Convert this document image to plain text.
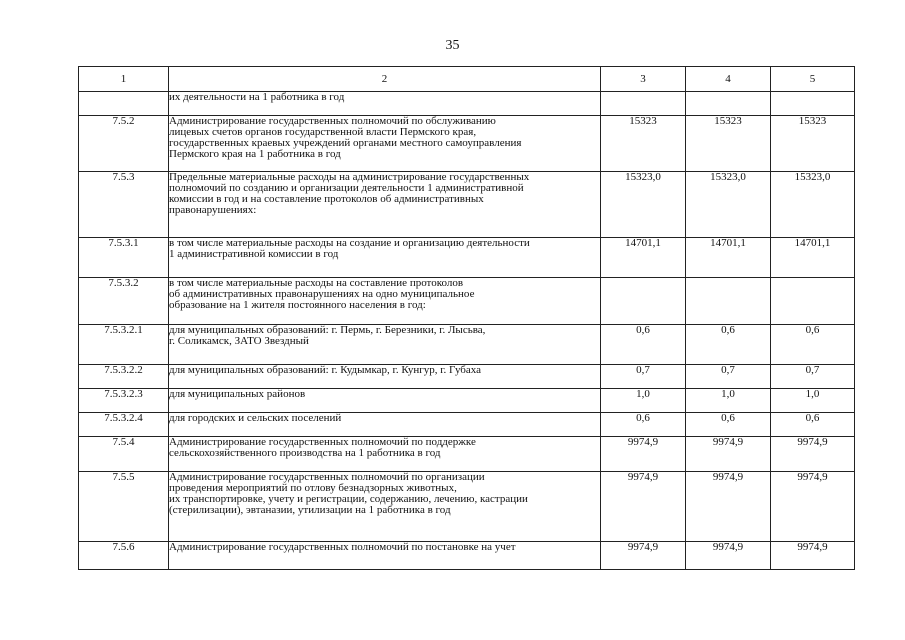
35
1	2	3	4	5

	их деятельности на 1 работника в год			

7.5.2	Администрирование государственных полномочий по обслуживанию
лицевых счетов органов государственной власти Пермского края,
государственных краевых учреждений органами местного самоуправления
Пермского края на 1 работника в год	15323	15323	15323
7.5.3	Предельные материальные расходы на администрирование государственных
полномочий по созданию и организации деятельности 1 административной
комиссии в год и на составление протоколов об административных
правонарушениях:	15323,0	15323,0	15323,0
7.5.3.1	в том числе материальные расходы на создание и организацию деятельности
1 административной комиссии в год	14701,1	14701,1	14701,1
7.5.3.2	в том числе материальные расходы на составление протоколов
об административных правонарушениях на одно муниципальное
образование на 1 жителя постоянного населения в год:			

7.5.3.2.1	для муниципальных образований: г. Пермь, г. Березники, г. Лысьва,
г. Соликамск, ЗАТО Звездный	0,6	0,6	0,6
7.5.3.2.2	для муниципальных образований: г. Кудымкар, г. Кунгур, г. Губаха	0,7	0,7	0,7
7.5.3.2.3	для муниципальных районов	1,0	1,0	1,0
7.5.3.2.4	для городских и сельских поселений	0,6	0,6	0,6
7.5.4	Администрирование государственных полномочий по поддержке
сельскохозяйственного производства на 1 работника в год	9974,9	9974,9	9974,9
7.5.5	Администрирование государственных полномочий по организации
проведения мероприятий по отлову безнадзорных животных,
их транспортировке, учету и регистрации, содержанию, лечению, кастрации
(стерилизации), эвтаназии, утилизации на 1 работника в год	9974,9	9974,9	9974,9
7.5.6	Администрирование государственных полномочий по постановке на учет	9974,9	9974,9	9974,9
